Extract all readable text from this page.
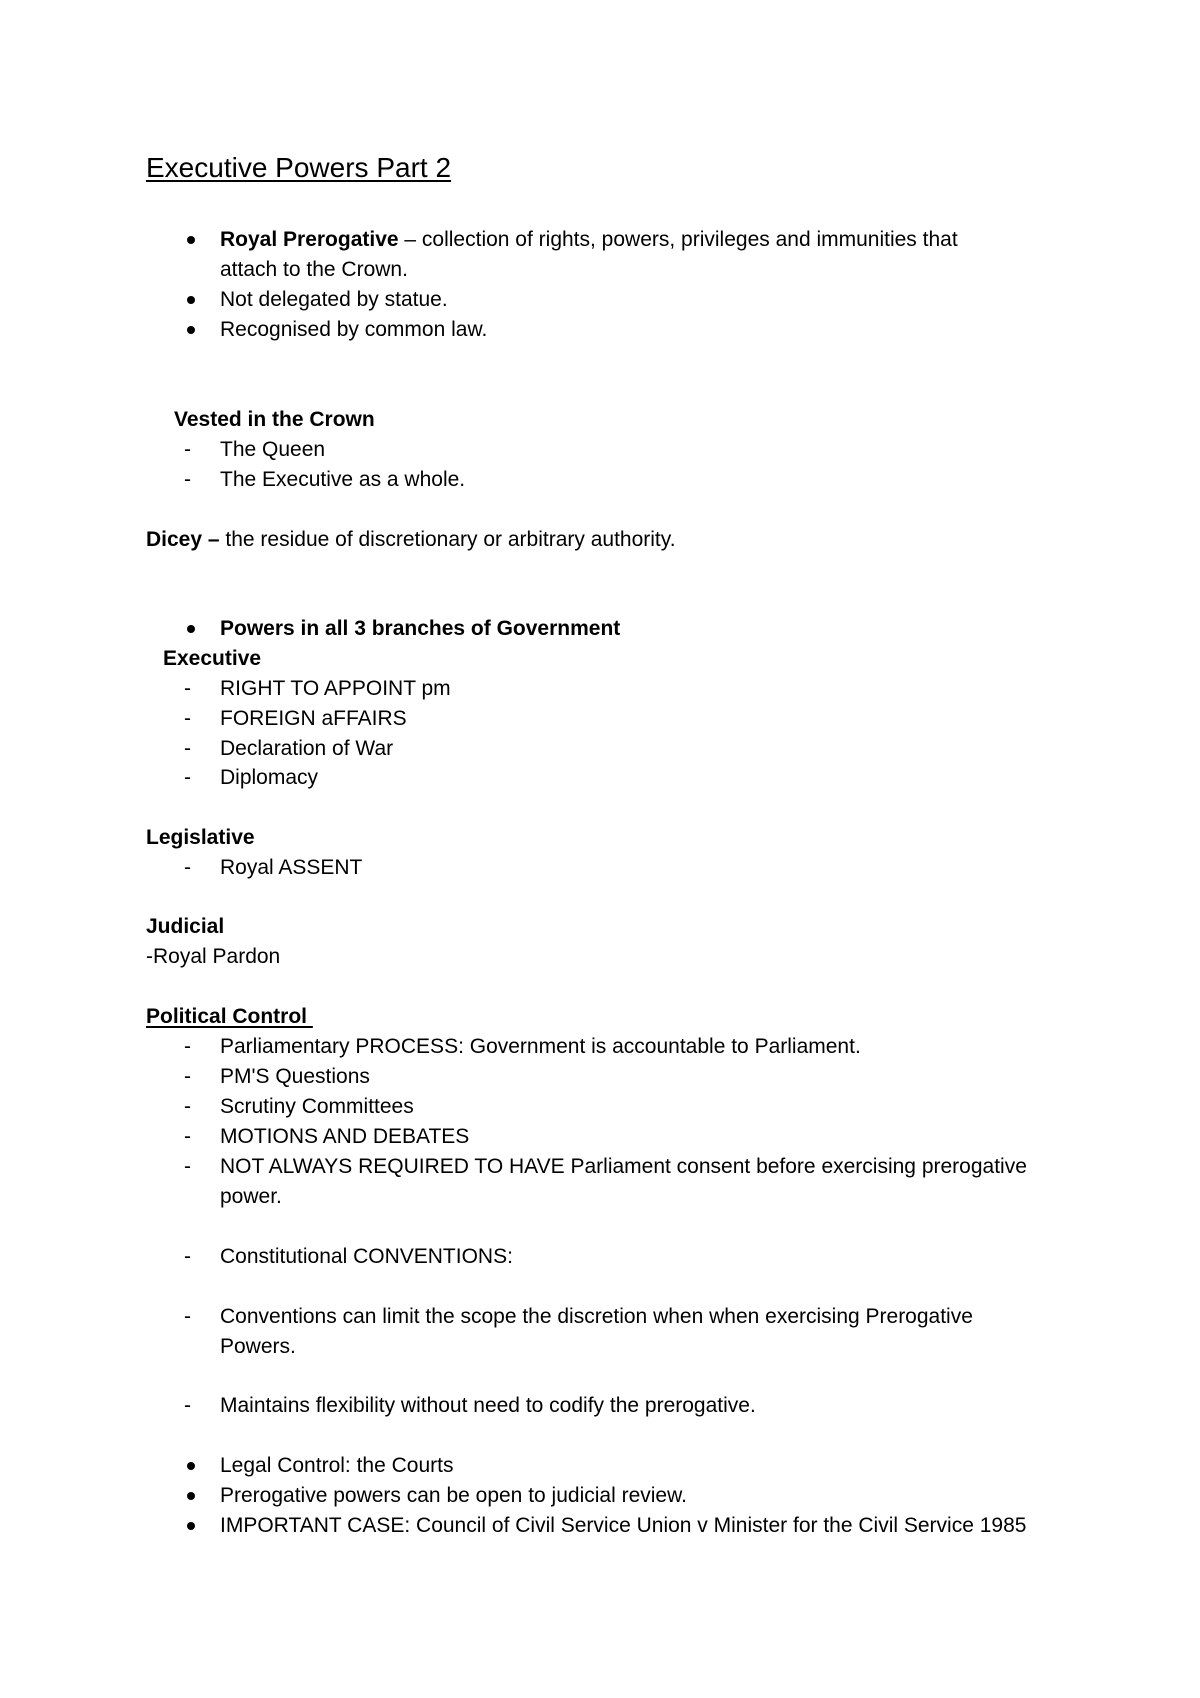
Executive Powers Part 2
Royal Prerogative – collection of rights, powers, privileges and immunities that
attach to the Crown.
Not delegated by statue.
Recognised by common law.
Vested in the Crown
- The Queen
- The Executive as a whole.
Dicey – the residue of discretionary or arbitrary authority.
Powers in all 3 branches of Government
Executive
- RIGHT TO APPOINT pm
- FOREIGN aFFAIRS
- Declaration of War
- Diplomacy
Legislative
- Royal ASSENT
Judicial
-Royal Pardon
Political Control
- Parliamentary PROCESS: Government is accountable to Parliament.
- PM'S Questions
- Scrutiny Committees
- MOTIONS AND DEBATES
- NOT ALWAYS REQUIRED TO HAVE Parliament consent before exercising prerogative
power.
- Constitutional CONVENTIONS:
- Conventions can limit the scope the discretion when when exercising Prerogative
Powers.
- Maintains flexibility without need to codify the prerogative.
Legal Control: the Courts
Prerogative powers can be open to judicial review.
IMPORTANT CASE: Council of Civil Service Union v Minister for the Civil Service 1985
